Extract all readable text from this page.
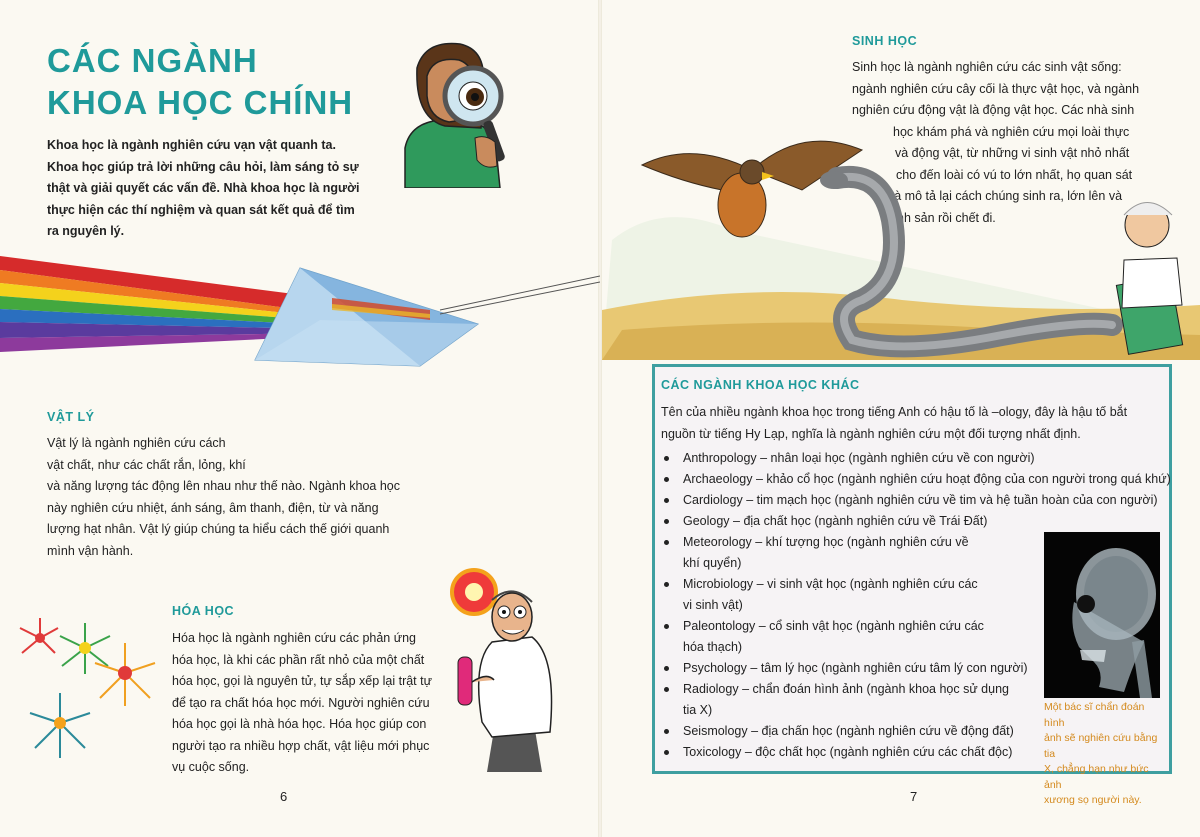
CÁC NGÀNH
KHOA HỌC CHÍNH
Khoa học là ngành nghiên cứu vạn vật quanh ta.
Khoa học giúp trả lời những câu hỏi, làm sáng tỏ sự
thật và giải quyết các vấn đề. Nhà khoa học là người
thực hiện các thí nghiệm và quan sát kết quả để tìm
ra nguyên lý.
VẬT LÝ
Vật lý là ngành nghiên cứu cách
vật chất, như các chất rắn, lỏng, khí
và năng lượng tác động lên nhau như thế nào. Ngành khoa học
này nghiên cứu nhiệt, ánh sáng, âm thanh, điện, từ và năng
lượng hạt nhân. Vật lý giúp chúng ta hiểu cách thế giới quanh
mình vận hành.
HÓA HỌC
Hóa học là ngành nghiên cứu các phản ứng
hóa học, là khi các phần rất nhỏ của một chất
hóa học, gọi là nguyên tử, tự sắp xếp lại trật tự
để tạo ra chất hóa học mới. Người nghiên cứu
hóa học gọi là nhà hóa học. Hóa học giúp con
người tạo ra nhiều hợp chất, vật liệu mới phục
vụ cuộc sống.
6
SINH HỌC
Sinh học là ngành nghiên cứu các sinh vật sống:
ngành nghiên cứu cây cối là thực vật học, và ngành
nghiên cứu động vật là động vật học. Các nhà sinh
học khám phá và nghiên cứu mọi loài thực
và động vật, từ những vi sinh vật nhỏ nhất
cho đến loài có vú to lớn nhất, họ quan sát
và mô tả lại cách chúng sinh ra, lớn lên và
sinh sản rồi chết đi.
CÁC NGÀNH KHOA HỌC KHÁC
Tên của nhiều ngành khoa học trong tiếng Anh có hậu tố là –ology, đây là hậu tố bắt
nguồn từ tiếng Hy Lạp, nghĩa là ngành nghiên cứu một đối tượng nhất định.
Anthropology – nhân loại học (ngành nghiên cứu về con người)
Archaeology – khảo cổ học (ngành nghiên cứu hoạt động của con người trong quá khứ)
Cardiology – tim mạch học (ngành nghiên cứu về tim và hệ tuần hoàn của con người)
Geology – địa chất học (ngành nghiên cứu về Trái Đất)
Meteorology – khí tượng học (ngành nghiên cứu về
khí quyển)
Microbiology – vi sinh vật học (ngành nghiên cứu các
vi sinh vật)
Paleontology – cổ sinh vật học (ngành nghiên cứu các
hóa thạch)
Psychology – tâm lý học (ngành nghiên cứu tâm lý con người)
Radiology – chẩn đoán hình ảnh (ngành khoa học sử dụng
tia X)
Seismology – địa chấn học (ngành nghiên cứu về động đất)
Toxicology – độc chất học (ngành nghiên cứu các chất độc)
Một bác sĩ chẩn đoán hình
ảnh sẽ nghiên cứu bằng tia
X, chẳng hạn như bức ảnh
xương sọ người này.
7
